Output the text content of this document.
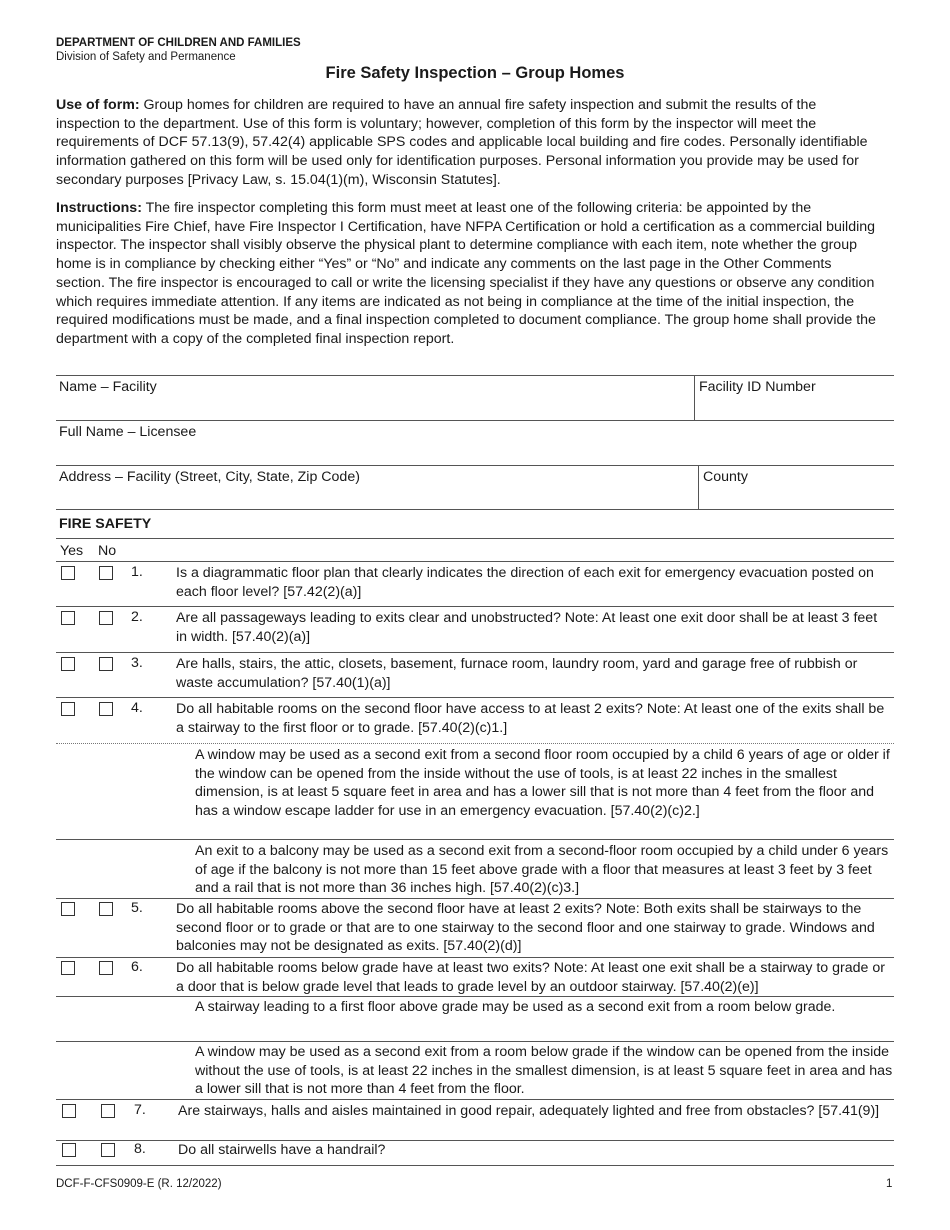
DEPARTMENT OF CHILDREN AND FAMILIES
Division of Safety and Permanence
Fire Safety Inspection – Group Homes
Use of form: Group homes for children are required to have an annual fire safety inspection and submit the results of the inspection to the department. Use of this form is voluntary; however, completion of this form by the inspector will meet the requirements of DCF 57.13(9), 57.42(4) applicable SPS codes and applicable local building and fire codes. Personally identifiable information gathered on this form will be used only for identification purposes. Personal information you provide may be used for secondary purposes [Privacy Law, s. 15.04(1)(m), Wisconsin Statutes].
Instructions: The fire inspector completing this form must meet at least one of the following criteria: be appointed by the municipalities Fire Chief, have Fire Inspector I Certification, have NFPA Certification or hold a certification as a commercial building inspector. The inspector shall visibly observe the physical plant to determine compliance with each item, note whether the group home is in compliance by checking either “Yes” or “No” and indicate any comments on the last page in the Other Comments section. The fire inspector is encouraged to call or write the licensing specialist if they have any questions or observe any condition which requires immediate attention. If any items are indicated as not being in compliance at the time of the initial inspection, the required modifications must be made, and a final inspection completed to document compliance. The group home shall provide the department with a copy of the completed final inspection report.
Name – Facility	Facility ID Number
Full Name – Licensee
Address – Facility (Street, City, State, Zip Code)	County
FIRE SAFETY
Yes No
1. Is a diagrammatic floor plan that clearly indicates the direction of each exit for emergency evacuation posted on each floor level? [57.42(2)(a)]
2. Are all passageways leading to exits clear and unobstructed? Note: At least one exit door shall be at least 3 feet in width. [57.40(2)(a)]
3. Are halls, stairs, the attic, closets, basement, furnace room, laundry room, yard and garage free of rubbish or waste accumulation? [57.40(1)(a)]
4. Do all habitable rooms on the second floor have access to at least 2 exits? Note: At least one of the exits shall be a stairway to the first floor or to grade. [57.40(2)(c)1.]
A window may be used as a second exit from a second floor room occupied by a child 6 years of age or older if the window can be opened from the inside without the use of tools, is at least 22 inches in the smallest dimension, is at least 5 square feet in area and has a lower sill that is not more than 4 feet from the floor and has a window escape ladder for use in an emergency evacuation. [57.40(2)(c)2.]
An exit to a balcony may be used as a second exit from a second-floor room occupied by a child under 6 years of age if the balcony is not more than 15 feet above grade with a floor that measures at least 3 feet by 3 feet and a rail that is not more than 36 inches high. [57.40(2)(c)3.]
5. Do all habitable rooms above the second floor have at least 2 exits? Note: Both exits shall be stairways to the second floor or to grade or that are to one stairway to the second floor and one stairway to grade. Windows and balconies may not be designated as exits. [57.40(2)(d)]
6. Do all habitable rooms below grade have at least two exits? Note: At least one exit shall be a stairway to grade or a door that is below grade level that leads to grade level by an outdoor stairway. [57.40(2)(e)]
A stairway leading to a first floor above grade may be used as a second exit from a room below grade.
A window may be used as a second exit from a room below grade if the window can be opened from the inside without the use of tools, is at least 22 inches in the smallest dimension, is at least 5 square feet in area and has a lower sill that is not more than 4 feet from the floor.
7. Are stairways, halls and aisles maintained in good repair, adequately lighted and free from obstacles? [57.41(9)]
8. Do all stairwells have a handrail?
DCF-F-CFS0909-E (R. 12/2022)	1
